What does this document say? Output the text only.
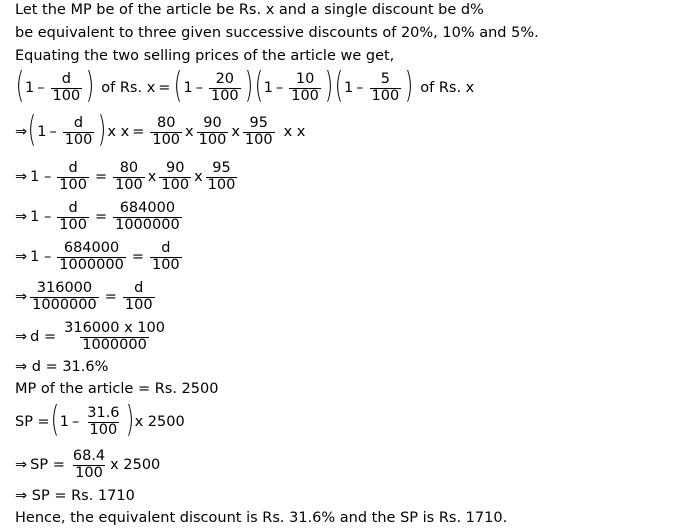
Let the MP be of the article be Rs. x and a single discount be d%
be equivalent to three given successive discounts of 20%, 10% and 5%.
Equating the two selling prices of the article we get,
( $1 - \frac{d}{100}$ ) of Rs. x = ( $1 - \frac{20}{100}$ ) ( $1 - \frac{10}{100}$ ) ( $1 - \frac{5}{100}$ ) of Rs. x
⇒ ( $1 - \frac{d}{100}$ ) x $x = \frac{80}{100}$ x $\frac{90}{100}$ x $\frac{95}{100}$ x x
⇒ $1 - \frac{d}{100} = \frac{80}{100}$ x $\frac{90}{100}$ x $\frac{95}{100}$
⇒ $1 - \frac{d}{100} = \frac{684000}{1000000}$
⇒ $1 - \frac{684000}{1000000} = \frac{d}{100}$
⇒ $\frac{316000}{1000000} = \frac{d}{100}$
⇒ $d = \frac{316000 x 100}{1000000}$
⇒ d = 31.6%
MP of the article = Rs. 2500
SP = ( $1 - \frac{31.6}{100}$ ) x 2500
⇒ SP = $\frac{68.4}{100}$ x 2500
⇒ SP = Rs. 1710
Hence, the equivalent discount is Rs. 31.6% and the SP is Rs. 1710.
